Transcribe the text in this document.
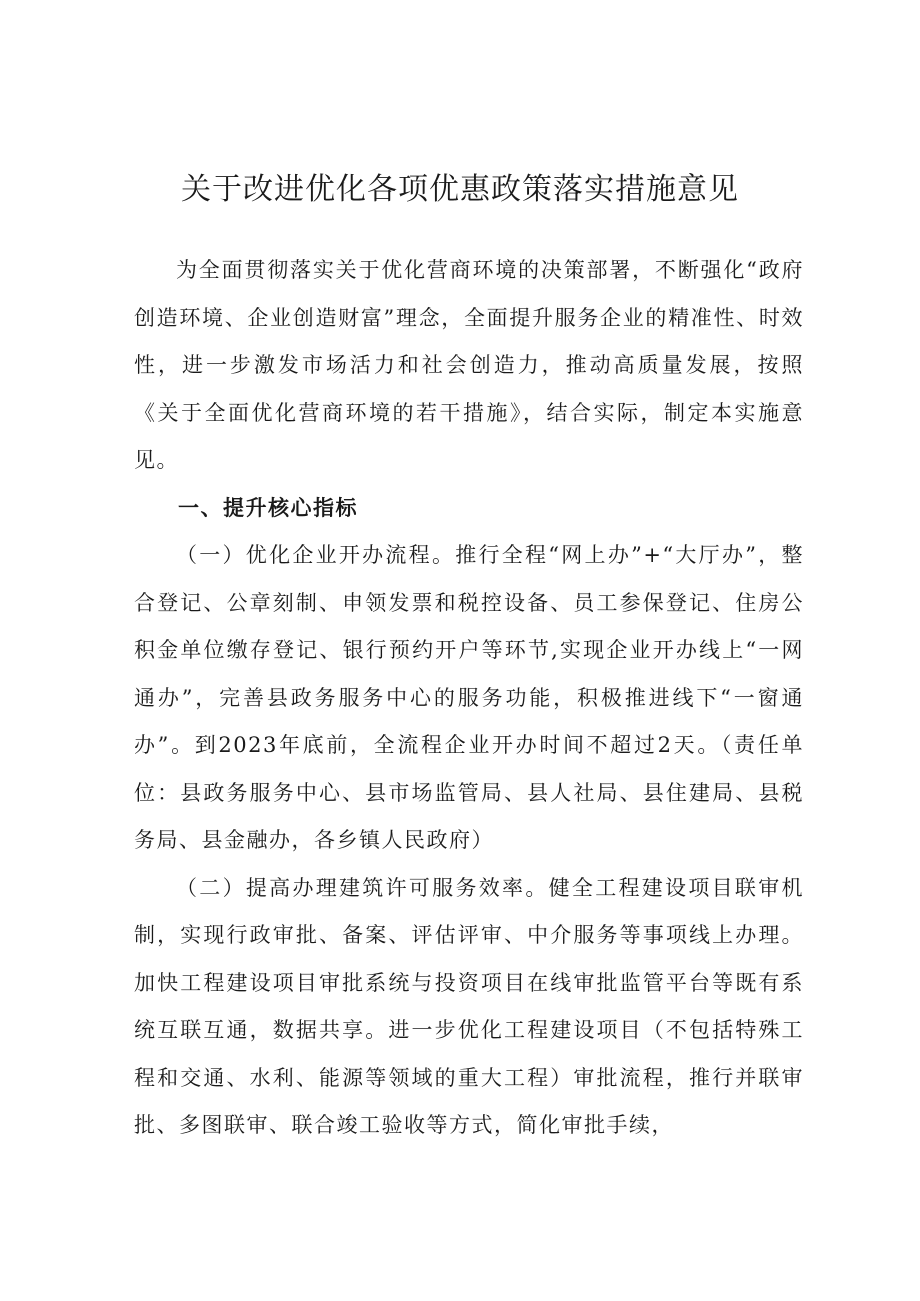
关于改进优化各项优惠政策落实措施意见

为全面贯彻落实关于优化营商环境的决策部署，不断强化“政府创造环境、企业创造财富”理念，全面提升服务企业的精准性、时效性，进一步激发市场活力和社会创造力，推动高质量发展，按照《关于全面优化营商环境的若干措施》，结合实际，制定本实施意见。

一、提升核心指标

（一）优化企业开办流程。推行全程“网上办”+“大厅办”，整合登记、公章刻制、申领发票和税控设备、员工参保登记、住房公积金单位缴存登记、银行预约开户等环节,实现企业开办线上“一网通办”，完善县政务服务中心的服务功能，积极推进线下“一窗通办”。到2023年底前，全流程企业开办时间不超过2天。（责任单位：县政务服务中心、县市场监管局、县人社局、县住建局、县税务局、县金融办，各乡镇人民政府）

（二）提高办理建筑许可服务效率。健全工程建设项目联审机制，实现行政审批、备案、评估评审、中介服务等事项线上办理。加快工程建设项目审批系统与投资项目在线审批监管平台等既有系统互联互通，数据共享。进一步优化工程建设项目（不包括特殊工程和交通、水利、能源等领域的重大工程）审批流程，推行并联审批、多图联审、联合竣工验收等方式，简化审批手续，
